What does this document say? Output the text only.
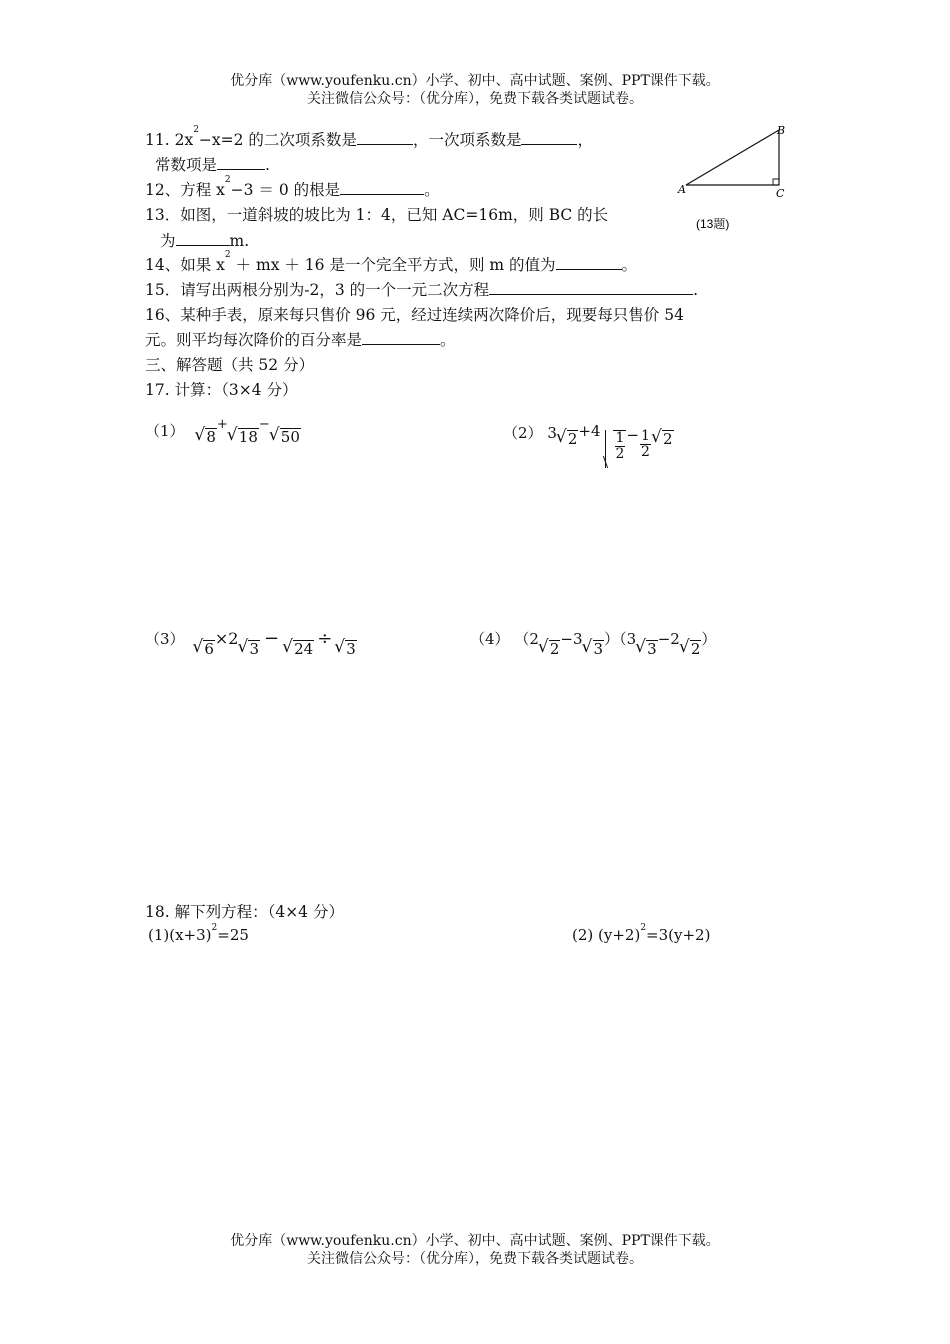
优分库（www.youfenku.cn）小学、初中、高中试题、案例、PPT课件下载。
关注微信公众号：（优分库），免费下载各类试题试卷。
A
B
C
(13题)
11. $2x^2-x=2$ 的二次项系数是	，一次项系数是	，
常数项是	.
12、方程 $x^2-3 = 0$ 的根是	。
13．如图，一道斜坡的坡比为 1：4，已知 AC=16m，则 BC 的长
为	m.
14、如果 $x^2$ ＋ mx ＋ 16 是一个完全平方式，则 m 的值为	。
15．请写出两根分别为-2，3 的一个一元二次方程	.
16、某种手表，原来每只售价 96 元，经过连续两次降价后，现要每只售价 54
元。则平均每次降价的百分率是	。
三、解答题（共 52 分）
17. 计算：（3×4 分）
（1） √ 8+√ 18−√ 50	（2） 3 √ $2+4 \frac{1}{2} - \frac{1}{2}$ √ 2
（3） √ 6×2√ 3 − √ 24 ÷ √ 3
（4） （2√ 2−3√ 3）（3√ 3−2√ 2）
18. 解下列方程：（4×4 分）
$(1)(x+3)^2=25$	(2) $(y+2)^2=3(y+2)$
优分库（www.youfenku.cn）小学、初中、高中试题、案例、PPT课件下载。
关注微信公众号：（优分库），免费下载各类试题试卷。
